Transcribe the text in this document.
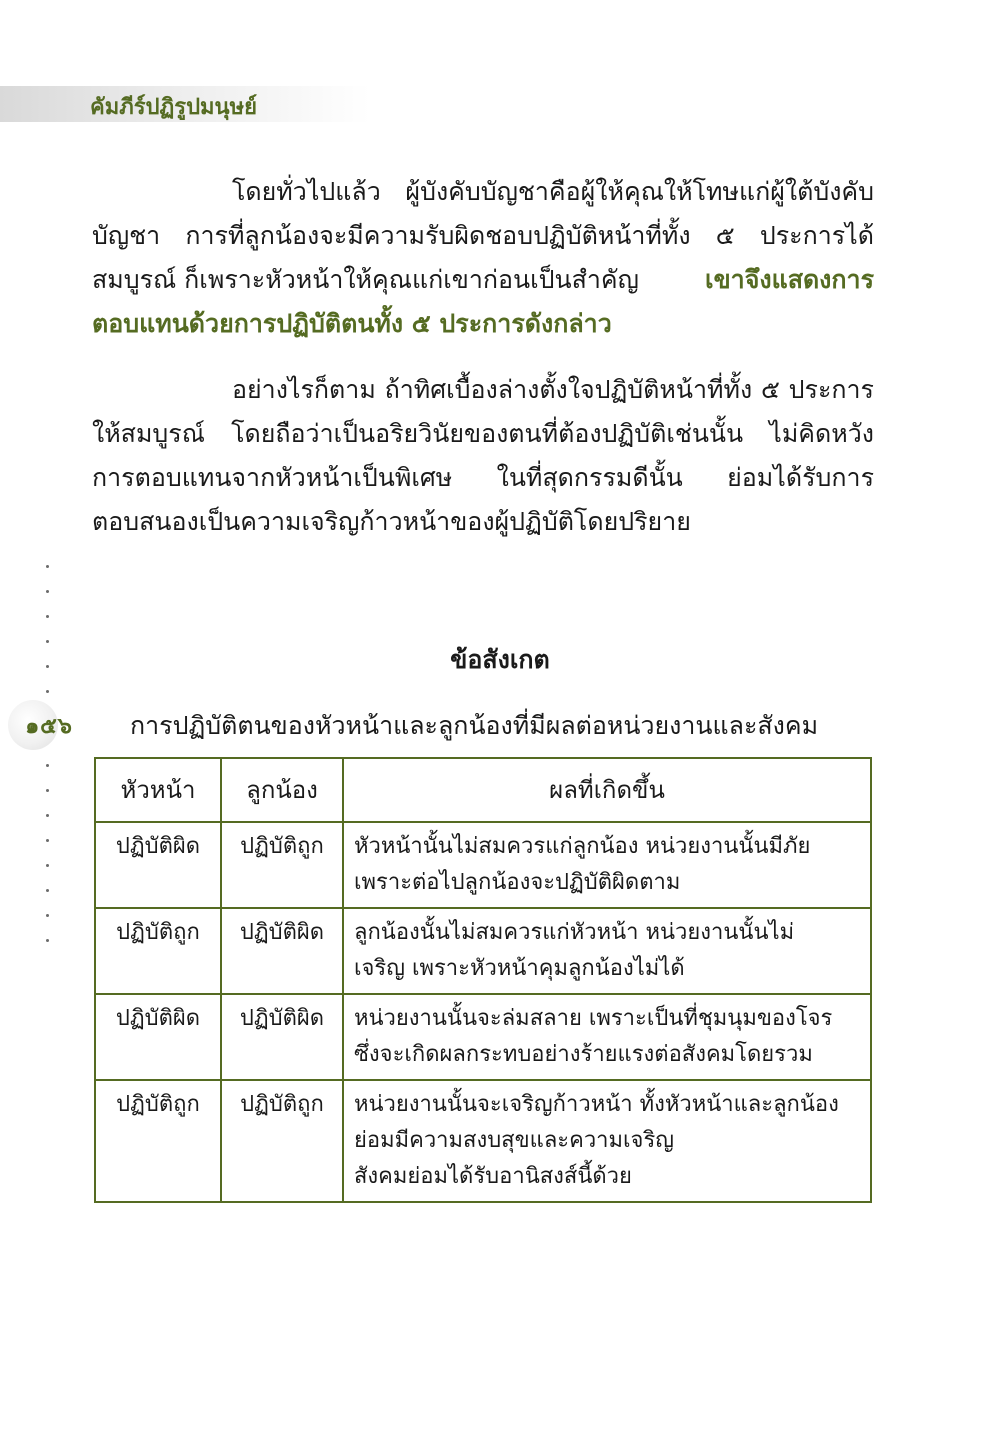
คัมภีร์ปฏิรูปมนุษย์
โดยทั่วไปแล้ว ผู้บังคับบัญชาคือผู้ให้คุณให้โทษแก่ผู้ใต้บังคับ
บัญชา การที่ลูกน้องจะมีความรับผิดชอบปฏิบัติหน้าที่ทั้ง ๕ ประการได้
สมบูรณ์ ก็เพราะหัวหน้าให้คุณแก่เขาก่อนเป็นสำคัญ	เขาจึงแสดงการ
ตอบแทนด้วยการปฏิบัติตนทั้ง ๕ ประการดังกล่าว
อย่างไรก็ตาม ถ้าทิศเบื้องล่างตั้งใจปฏิบัติหน้าที่ทั้ง ๕ ประการ
ให้สมบูรณ์ โดยถือว่าเป็นอริยวินัยของตนที่ต้องปฏิบัติเช่นนั้น ไม่คิดหวัง
การตอบแทนจากหัวหน้าเป็นพิเศษ ในที่สุดกรรมดีนั้น ย่อมได้รับการ
ตอบสนองเป็นความเจริญก้าวหน้าของผู้ปฏิบัติโดยปริยาย
๑๕๖
ข้อสังเกต
การปฏิบัติตนของหัวหน้าและลูกน้องที่มีผลต่อหน่วยงานและสังคม
หัวหน้า	ลูกน้อง	ผลที่เกิดขึ้น
ปฏิบัติผิด	ปฏิบัติถูก	หัวหน้านั้นไม่สมควรแก่ลูกน้อง หน่วยงานนั้นมีภัย
เพราะต่อไปลูกน้องจะปฏิบัติผิดตาม

ปฏิบัติถูก	ปฏิบัติผิด	ลูกน้องนั้นไม่สมควรแก่หัวหน้า หน่วยงานนั้นไม่
เจริญ เพราะหัวหน้าคุมลูกน้องไม่ได้

ปฏิบัติผิด	ปฏิบัติผิด	หน่วยงานนั้นจะล่มสลาย เพราะเป็นที่ชุมนุมของโจร
ซึ่งจะเกิดผลกระทบอย่างร้ายแรงต่อสังคมโดยรวม

ปฏิบัติถูก	ปฏิบัติถูก	หน่วยงานนั้นจะเจริญก้าวหน้า ทั้งหัวหน้าและลูกน้อง
ย่อมมีความสงบสุขและความเจริญ
สังคมย่อมได้รับอานิสงส์นี้ด้วย
